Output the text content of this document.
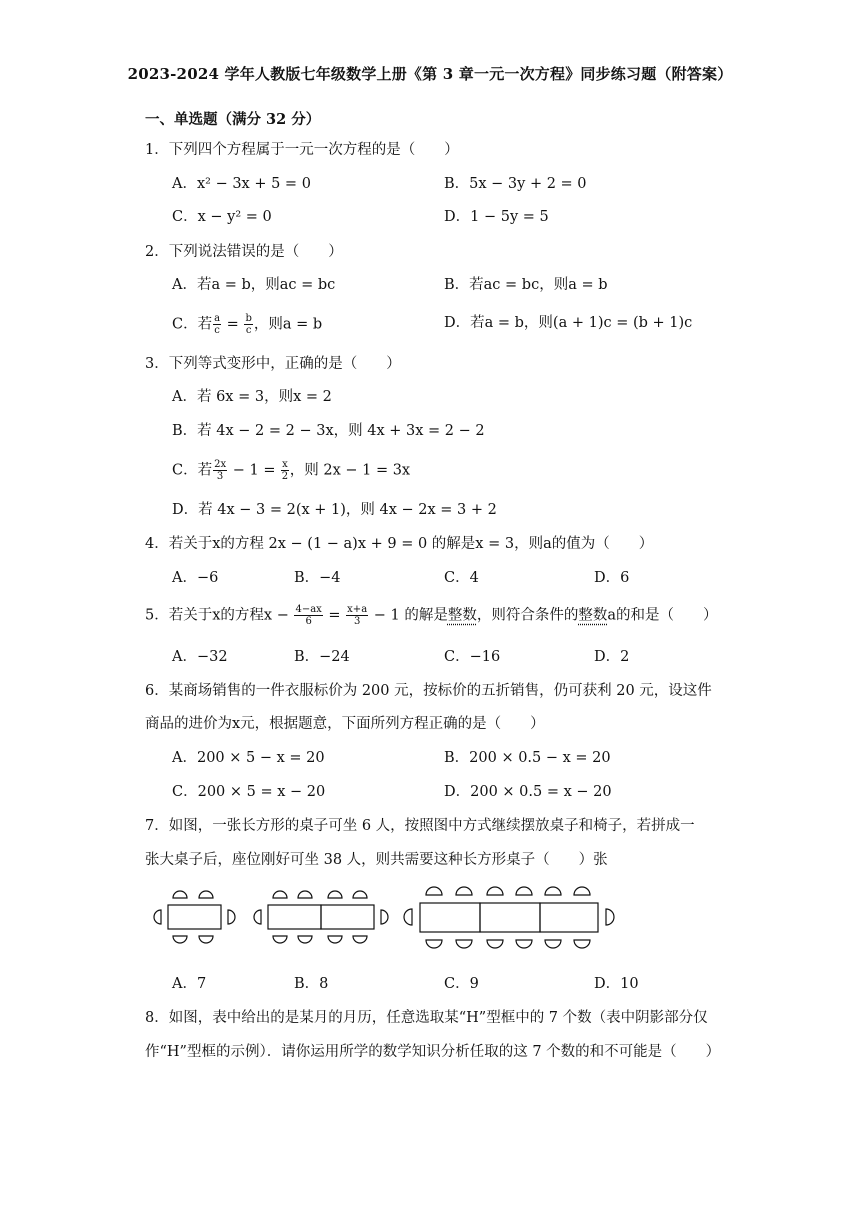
2023-2024 学年人教版七年级数学上册《第 3 章一元一次方程》同步练习题（附答案）
一、单选题（满分 32 分）
1．下列四个方程属于一元一次方程的是（　　）
A．x² − 3x + 5 = 0	B．5x − 3y + 2 = 0
C．x − y² = 0	D．1 − 5y = 5
2．下列说法错误的是（　　）
A．若a = b，则ac = bc	B．若ac = bc，则a = b
C．若 $\frac{a}{c} = \frac{b}{c}$ ，则a = b	D．若a = b，则(a + 1)c = (b + 1)c
3．下列等式变形中，正确的是（　　）
A．若 6x = 3，则x = 2
B．若 4x − 2 = 2 − 3x，则 4x + 3x = 2 − 2
C．若 $\frac{2x}{3} - 1 = \frac{x}{2}$ ，则 2x − 1 = 3x
D．若 4x − 3 = 2(x + 1)，则 4x − 2x = 3 + 2
4．若关于x的方程 2x − (1 − a)x + 9 = 0 的解是x = 3，则a的值为（　　）
A．−6	B．−4	C．4	D．6
5．若关于x的方程$x - \frac{4-ax}{6} = \frac{x+a}{3} - 1$ 的解是整数，则符合条件的整数a的和是（　　）
A．−32	B．−24	C．−16	D．2
6．某商场销售的一件衣服标价为 200 元，按标价的五折销售，仍可获利 20 元，设这件
商品的进价为x元，根据题意，下面所列方程正确的是（　　）
A．200 × 5 − x = 20	B．200 × 0.5 − x = 20
C．200 × 5 = x − 20	D．200 × 0.5 = x − 20
7．如图，一张长方形的桌子可坐 6 人，按照图中方式继续摆放桌子和椅子，若拼成一
张大桌子后，座位刚好可坐 38 人，则共需要这种长方形桌子（　　）张
A．7	B．8	C．9	D．10
8．如图，表中给出的是某月的月历，任意选取某“H”型框中的 7 个数（表中阴影部分仅
作“H”型框的示例）．请你运用所学的数学知识分析任取的这 7 个数的和不可能是（　　）
